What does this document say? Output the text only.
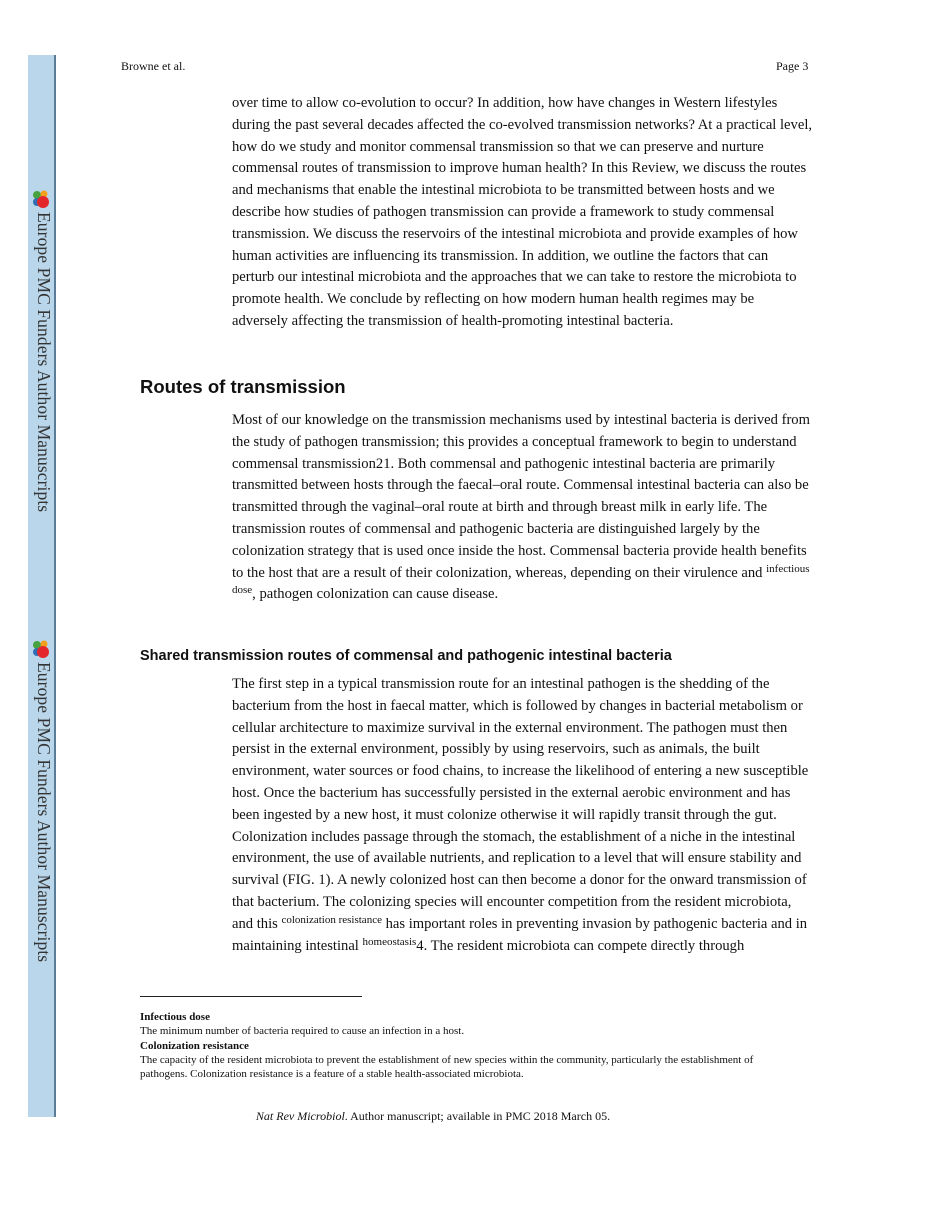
Europe PMC Funders Author Manuscripts
Europe PMC Funders Author Manuscripts
Browne et al.	Page 3

over time to allow co-evolution to occur? In addition, how have changes in Western lifestyles during the past several decades affected the co-evolved transmission networks? At a practical level, how do we study and monitor commensal transmission so that we can preserve and nurture commensal routes of transmission to improve human health? In this Review, we discuss the routes and mechanisms that enable the intestinal microbiota to be transmitted between hosts and we describe how studies of pathogen transmission can provide a framework to study commensal transmission. We discuss the reservoirs of the intestinal microbiota and provide examples of how human activities are influencing its transmission. In addition, we outline the factors that can perturb our intestinal microbiota and the approaches that we can take to restore the microbiota to promote health. We conclude by reflecting on how modern human health regimes may be adversely affecting the transmission of health-promoting intestinal bacteria.

Routes of transmission

Most of our knowledge on the transmission mechanisms used by intestinal bacteria is derived from the study of pathogen transmission; this provides a conceptual framework to begin to understand commensal transmission21. Both commensal and pathogenic intestinal bacteria are primarily transmitted between hosts through the faecal–oral route. Commensal intestinal bacteria can also be transmitted through the vaginal–oral route at birth and through breast milk in early life. The transmission routes of commensal and pathogenic bacteria are distinguished largely by the colonization strategy that is used once inside the host. Commensal bacteria provide health benefits to the host that are a result of their colonization, whereas, depending on their virulence and $^{infectious dose}$, pathogen colonization can cause disease.

Shared transmission routes of commensal and pathogenic intestinal bacteria

The first step in a typical transmission route for an intestinal pathogen is the shedding of the bacterium from the host in faecal matter, which is followed by changes in bacterial metabolism or cellular architecture to maximize survival in the external environment. The pathogen must then persist in the external environment, possibly by using reservoirs, such as animals, the built environment, water sources or food chains, to increase the likelihood of entering a new susceptible host. Once the bacterium has successfully persisted in the external aerobic environment and has been ingested by a new host, it must colonize otherwise it will rapidly transit through the gut. Colonization includes passage through the stomach, the establishment of a niche in the intestinal environment, the use of available nutrients, and replication to a level that will ensure stability and survival (FIG. 1). A newly colonized host can then become a donor for the onward transmission of that bacterium. The colonizing species will encounter competition from the resident microbiota, and this $^{colonization resistance}$ has important roles in preventing invasion by pathogenic bacteria and in maintaining intestinal $^{homeostasis}$4. The resident microbiota can compete directly through

Infectious dose
The minimum number of bacteria required to cause an infection in a host.
Colonization resistance
The capacity of the resident microbiota to prevent the establishment of new species within the community, particularly the establishment of pathogens. Colonization resistance is a feature of a stable health-associated microbiota.
Nat Rev Microbiol. Author manuscript; available in PMC 2018 March 05.
